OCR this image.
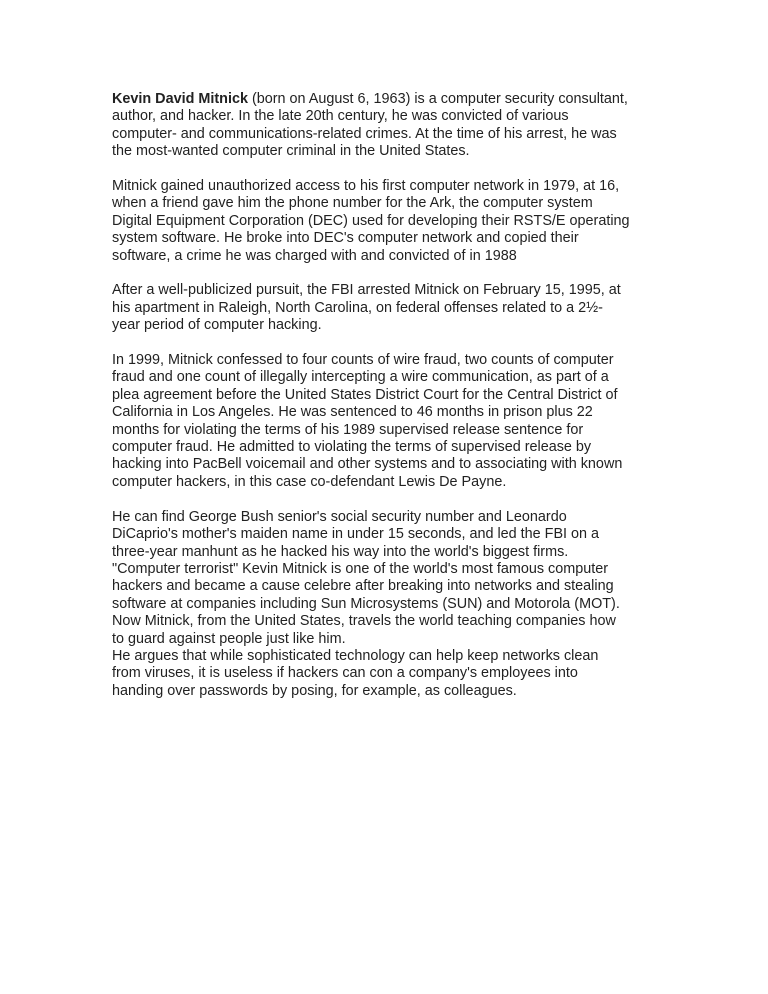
Kevin David Mitnick (born on August 6, 1963) is a computer security consultant,
author, and hacker. In the late 20th century, he was convicted of various
computer- and communications-related crimes. At the time of his arrest, he was
the most-wanted computer criminal in the United States.

Mitnick gained unauthorized access to his first computer network in 1979, at 16,
when a friend gave him the phone number for the Ark, the computer system
Digital Equipment Corporation (DEC) used for developing their RSTS/E operating
system software. He broke into DEC's computer network and copied their
software, a crime he was charged with and convicted of in 1988

After a well-publicized pursuit, the FBI arrested Mitnick on February 15, 1995, at
his apartment in Raleigh, North Carolina, on federal offenses related to a 2½-
year period of computer hacking.

In 1999, Mitnick confessed to four counts of wire fraud, two counts of computer
fraud and one count of illegally intercepting a wire communication, as part of a
plea agreement before the United States District Court for the Central District of
California in Los Angeles. He was sentenced to 46 months in prison plus 22
months for violating the terms of his 1989 supervised release sentence for
computer fraud. He admitted to violating the terms of supervised release by
hacking into PacBell voicemail and other systems and to associating with known
computer hackers, in this case co-defendant Lewis De Payne.

He can find George Bush senior's social security number and Leonardo
DiCaprio's mother's maiden name in under 15 seconds, and led the FBI on a
three-year manhunt as he hacked his way into the world's biggest firms.
"Computer terrorist" Kevin Mitnick is one of the world's most famous computer
hackers and became a cause celebre after breaking into networks and stealing
software at companies including Sun Microsystems (SUN) and Motorola (MOT).
Now Mitnick, from the United States, travels the world teaching companies how
to guard against people just like him.

He argues that while sophisticated technology can help keep networks clean
from viruses, it is useless if hackers can con a company's employees into
handing over passwords by posing, for example, as colleagues.
